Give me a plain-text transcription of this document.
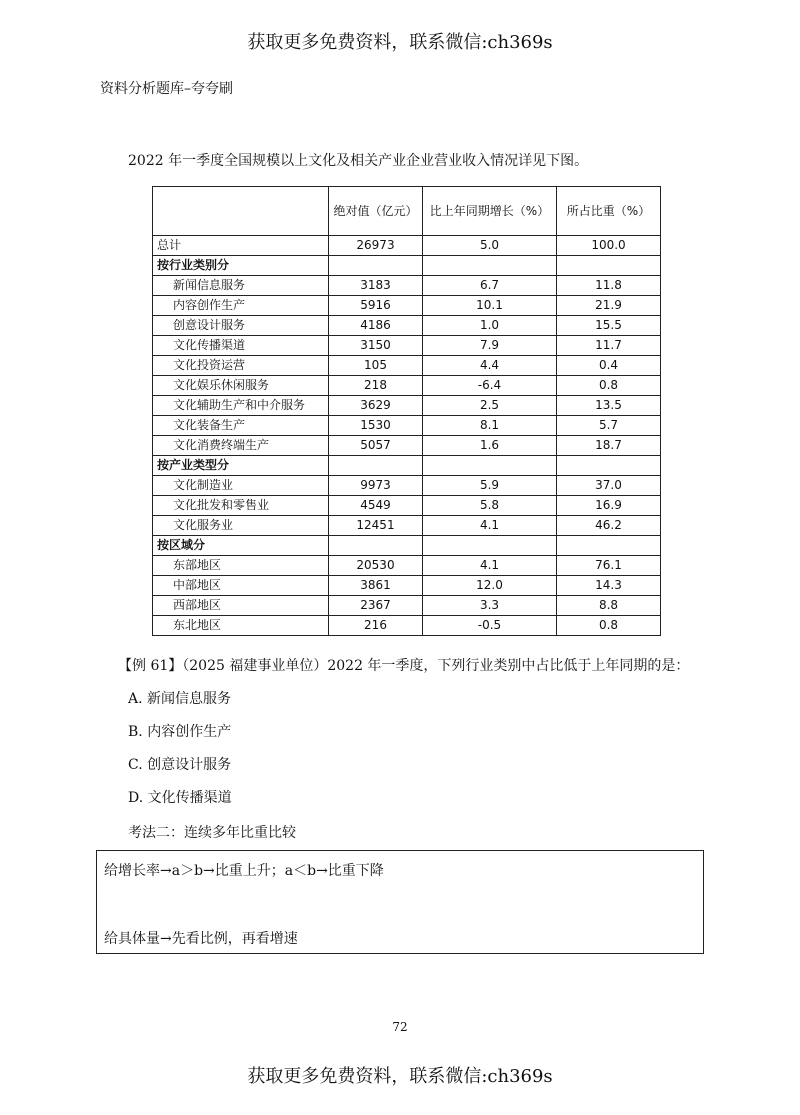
获取更多免费资料，联系微信:ch369s
资料分析题库–夸夸刷
2022 年一季度全国规模以上文化及相关产业企业营业收入情况详见下图。
	绝对值（亿元）	比上年同期增长（%）	所占比重（%）
总计	26973	5.0	100.0
按行业类别分			
新闻信息服务	3183	6.7	11.8
内容创作生产	5916	10.1	21.9
创意设计服务	4186	1.0	15.5
文化传播渠道	3150	7.9	11.7
文化投资运营	105	4.4	0.4
文化娱乐休闲服务	218	-6.4	0.8
文化辅助生产和中介服务	3629	2.5	13.5
文化装备生产	1530	8.1	5.7
文化消费终端生产	5057	1.6	18.7
按产业类型分			
文化制造业	9973	5.9	37.0
文化批发和零售业	4549	5.8	16.9
文化服务业	12451	4.1	46.2
按区域分			
东部地区	20530	4.1	76.1
中部地区	3861	12.0	14.3
西部地区	2367	3.3	8.8
东北地区	216	-0.5	0.8
【例 61】（2025 福建事业单位）2022 年一季度，下列行业类别中占比低于上年同期的是：
A. 新闻信息服务
B. 内容创作生产
C. 创意设计服务
D. 文化传播渠道
考法二：连续多年比重比较
给增长率→a＞b→比重上升；a＜b→比重下降
给具体量→先看比例，再看增速
72
获取更多免费资料，联系微信:ch369s
